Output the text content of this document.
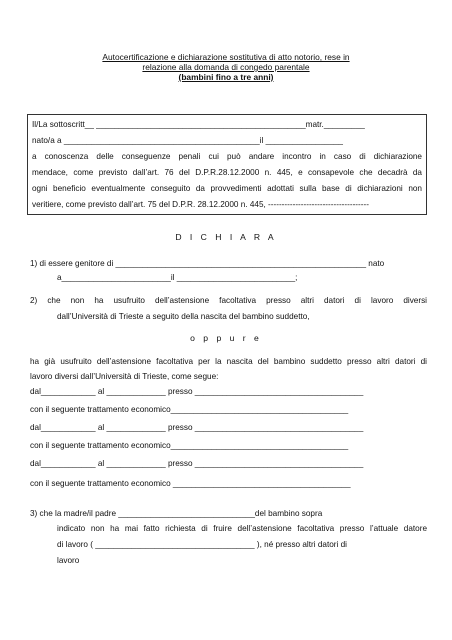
Autocertificazione e dichiarazione sostitutiva di atto notorio, rese in
relazione alla domanda di congedo parentale
(bambini fino a tre anni)
Il/La sottoscritt__ ______________________________________________matr._________
nato/a a ___________________________________________il _________________
a conoscenza delle conseguenze penali cui può andare incontro in caso di dichiarazione
mendace, come previsto dall’art. 76 del D.P.R.28.12.2000 n. 445, e consapevole che decadrà da
ogni beneficio eventualmente conseguito da provvedimenti adottati sulla base di dichiarazioni non
veritiere, come previsto dall’art. 75 del D.P.R. 28.12.2000 n. 445, -------------------------------------
D I C H I A R A
1) di essere genitore di _______________________________________________________ nato
a________________________il __________________________;
2) che non ha usufruito dell’astensione facoltativa presso altri datori di lavoro diversi
dall’Università di Trieste a seguito della nascita del bambino suddetto,
o p p u r e
ha già usufruito dell’astensione facoltativa per la nascita del bambino suddetto presso altri datori di
lavoro diversi dall’Università di Trieste, come segue:
dal____________ al _____________ presso _____________________________________
con il seguente trattamento economico_______________________________________
dal____________ al _____________ presso _____________________________________
con il seguente trattamento economico_______________________________________
dal____________ al _____________ presso _____________________________________
con il seguente trattamento economico _______________________________________
3) che la madre/il padre ______________________________del bambino sopra
indicato non ha mai fatto richiesta di fruire dell’astensione facoltativa presso l’attuale datore
di lavoro ( ___________________________________ ), né presso altri datori di
lavoro
